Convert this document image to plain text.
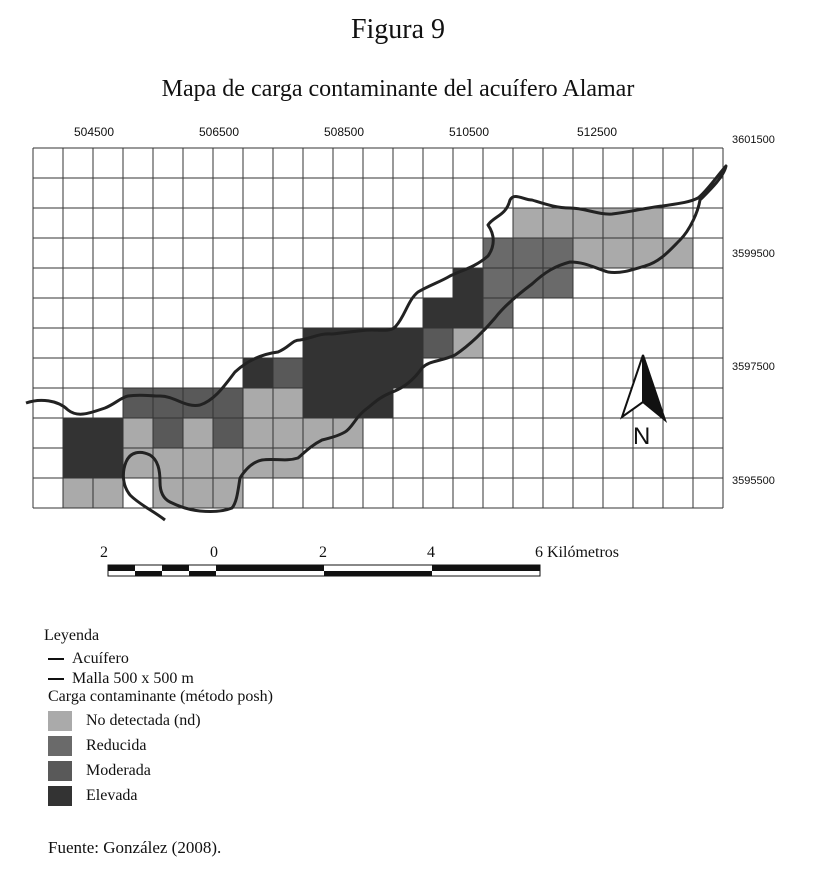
Figura 9
Mapa de carga contaminante del acuífero Alamar
504500	506500	508500	510500	512500
3601500
3599500
3597500
3595500
N
2	0	2	4	6 Kilómetros
Leyenda
Acuífero
Malla 500 x 500 m
Carga contaminante (método posh)
No detectada (nd)
Reducida
Moderada
Elevada
Fuente: González (2008).
